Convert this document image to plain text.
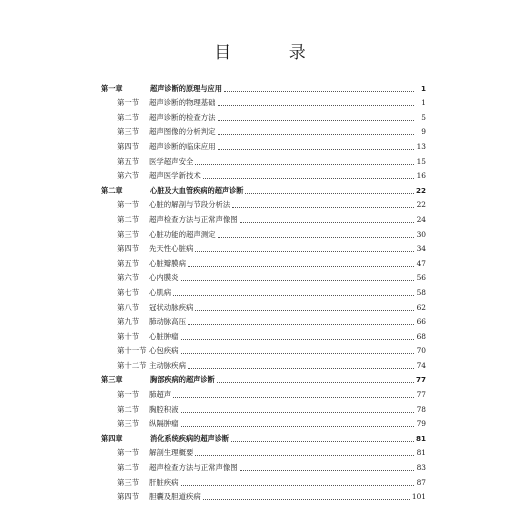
目 录
第一章	超声诊断的原理与应用	1
第一节	超声诊断的物理基础	1
第二节	超声诊断的检查方法	5
第三节	超声图像的分析判定	9
第四节	超声诊断的临床应用	13
第五节	医学超声安全	15
第六节	超声医学新技术	16
第二章	心脏及大血管疾病的超声诊断	22
第一节	心脏的解剖与节段分析法	22
第二节	超声检查方法与正常声像图	24
第三节	心脏功能的超声测定	30
第四节	先天性心脏病	34
第五节	心脏瓣膜病	47
第六节	心内膜炎	56
第七节	心肌病	58
第八节	冠状动脉疾病	62
第九节	肺动脉高压	66
第十节	心脏肿瘤	68
第十一节 心包疾病	70
第十二节 主动脉疾病	74
第三章	胸部疾病的超声诊断	77
第一节	肺超声	77
第二节	胸腔积液	78
第三节	纵隔肿瘤	79
第四章	消化系统疾病的超声诊断	81
第一节	解剖生理概要	81
第二节	超声检查方法与正常声像图	83
第三节	肝脏疾病	87
第四节	胆囊及胆道疾病	101
